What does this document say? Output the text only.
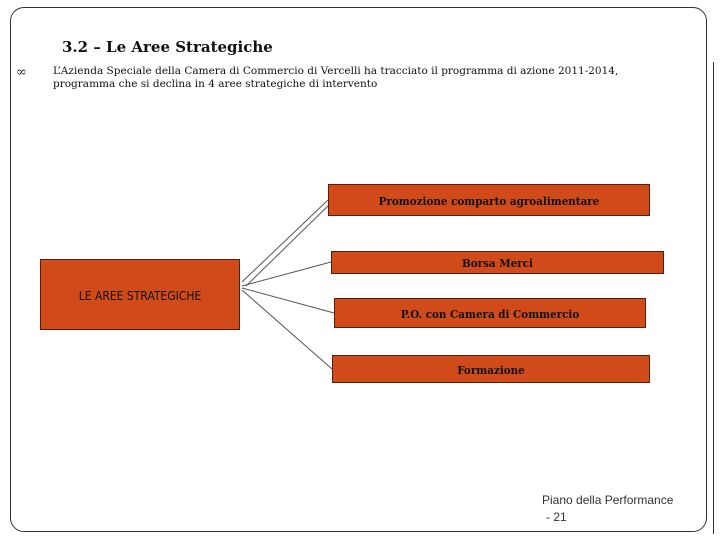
3.2 – Le Aree Strategiche
∞ L’Azienda Speciale della Camera di Commercio di Vercelli ha tracciato il programma di azione 2011-2014, programma che si declina in 4 aree strategiche di intervento
LE AREE STRATEGICHE
Promozione comparto agroalimentare
Borsa Merci
P.O. con Camera di Commercio
Formazione
Piano della Performance
- 21
